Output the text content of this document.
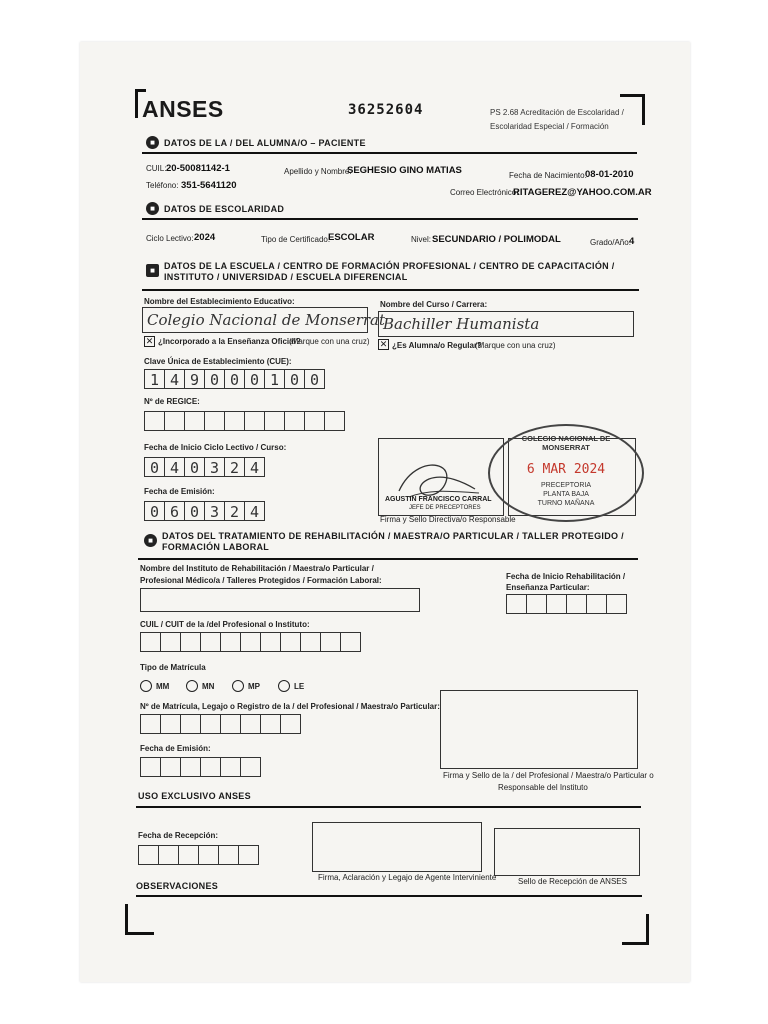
ANSES	36252604	PS 2.68 Acreditación de Escolaridad /
Escolaridad Especial / Formación
■	DATOS DE LA / DEL ALUMNA/O – PACIENTE
CUIL: 20-50081142-1	Apellido y Nombre:
SEGHESIO GINO MATIAS	Fecha de Nacimiento:
08-01-2010
Teléfono: 351-5641120
Correo Electrónico:
RITAGEREZ@YAHOO.COM.AR
■	DATOS DE ESCOLARIDAD
Ciclo Lectivo: 2024	Tipo de Certificado:
ESCOLAR	Nivel: SECUNDARIO / POLIMODAL	Grado/Año:
4
■	DATOS DE LA ESCUELA / CENTRO DE FORMACIÓN PROFESIONAL / CENTRO DE CAPACITACIÓN /
INSTITUTO / UNIVERSIDAD / ESCUELA DIFERENCIAL
Nombre del Establecimiento Educativo:
Colegio Nacional de Monserrat
Nombre del Curso / Carrera:
Bachiller Humanista
✕ ¿Incorporado a la Enseñanza Oficial?
(Marque con una cruz) ✕ ¿Es Alumna/o Regular?
(Marque con una cruz)
Clave Única de Establecimiento (CUE):
1 4 9 0 0 0 1 0 0
Nº de REGICE:
Fecha de Inicio Ciclo Lectivo / Curso:
0 4 0 3 2 4
Fecha de Emisión:
0 6 0 3 2 4
AGUSTIN FRANCISCO CARRAL
JEFE DE PRECEPTORES
Firma y Sello Directiva/o Responsable
COLEGIO NACIONAL DE MONSERRAT
6 MAR 2024
PRECEPTORIA
PLANTA BAJA
TURNO MAÑANA
■	DATOS DEL TRATAMIENTO DE REHABILITACIÓN / MAESTRA/O PARTICULAR / TALLER PROTEGIDO /
FORMACIÓN LABORAL
Nombre del Instituto de Rehabilitación / Maestra/o Particular /
Profesional Médico/a / Talleres Protegidos / Formación Laboral:	Fecha de Inicio Rehabilitación /
Enseñanza Particular:
CUIL / CUIT de la /del Profesional o Instituto:
Tipo de Matrícula
MM	MN	MP	LE
Nº de Matrícula, Legajo o Registro de la / del Profesional / Maestra/o Particular:
Firma y Sello de la / del Profesional / Maestra/o Particular o
Responsable del Instituto
Fecha de Emisión:
USO EXCLUSIVO ANSES
Fecha de Recepción:
Firma, Aclaración y Legajo de Agente Interviniente	Sello de Recepción de ANSES
OBSERVACIONES
